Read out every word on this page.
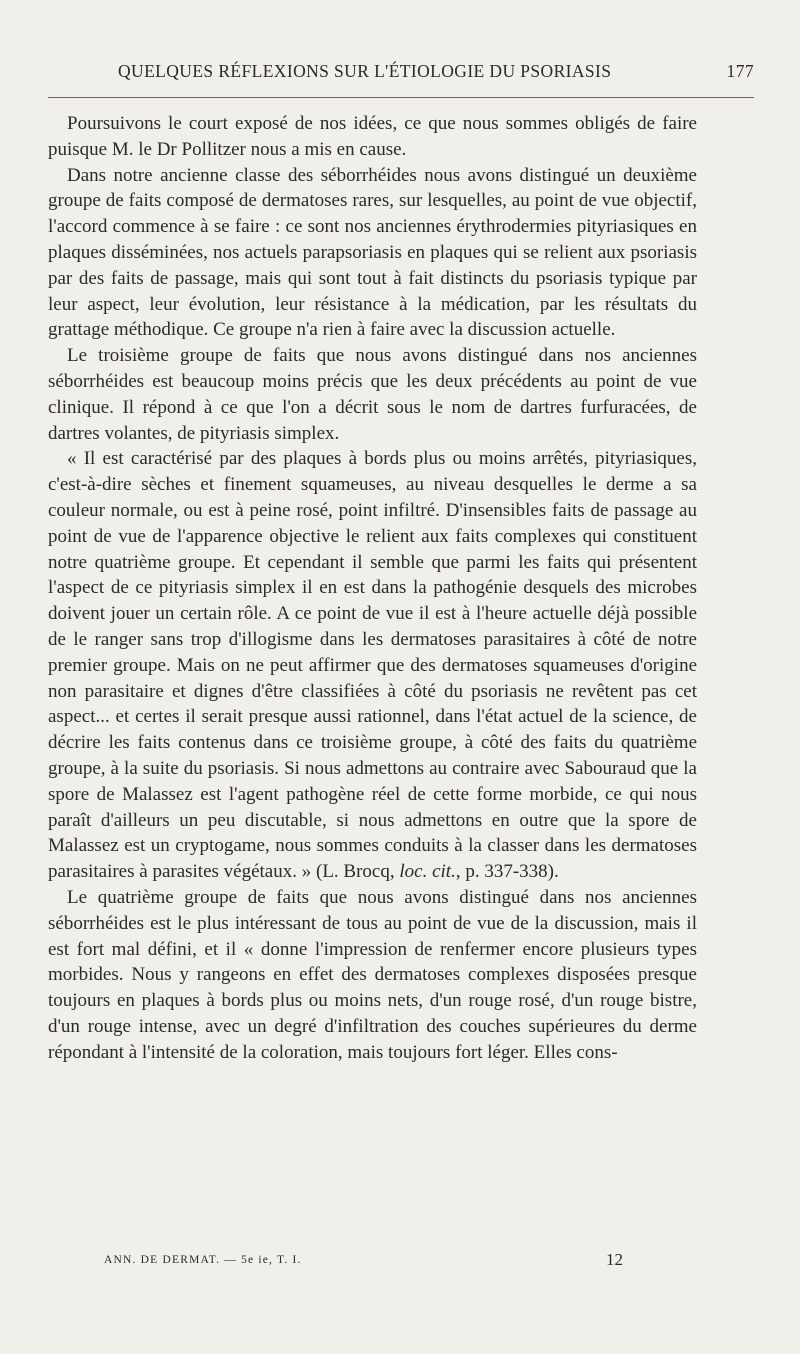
QUELQUES RÉFLEXIONS SUR L'ÉTIOLOGIE DU PSORIASIS	177

Poursuivons le court exposé de nos idées, ce que nous sommes obligés de faire puisque M. le Dr Pollitzer nous a mis en cause.

Dans notre ancienne classe des séborrhéides nous avons distingué un deuxième groupe de faits composé de dermatoses rares, sur lesquelles, au point de vue objectif, l'accord commence à se faire : ce sont nos anciennes érythrodermies pityriasiques en plaques disséminées, nos actuels parapsoriasis en plaques qui se relient aux psoriasis par des faits de passage, mais qui sont tout à fait distincts du psoriasis typique par leur aspect, leur évolution, leur résistance à la médication, par les résultats du grattage méthodique. Ce groupe n'a rien à faire avec la discussion actuelle.

Le troisième groupe de faits que nous avons distingué dans nos anciennes séborrhéides est beaucoup moins précis que les deux précédents au point de vue clinique. Il répond à ce que l'on a décrit sous le nom de dartres furfuracées, de dartres volantes, de pityriasis simplex.

« Il est caractérisé par des plaques à bords plus ou moins arrêtés, pityriasiques, c'est-à-dire sèches et finement squameuses, au niveau desquelles le derme a sa couleur normale, ou est à peine rosé, point infiltré. D'insensibles faits de passage au point de vue de l'apparence objective le relient aux faits complexes qui constituent notre quatrième groupe. Et cependant il semble que parmi les faits qui présentent l'aspect de ce pityriasis simplex il en est dans la pathogénie desquels des microbes doivent jouer un certain rôle. A ce point de vue il est à l'heure actuelle déjà possible de le ranger sans trop d'illogisme dans les dermatoses parasitaires à côté de notre premier groupe. Mais on ne peut affirmer que des dermatoses squameuses d'origine non parasitaire et dignes d'être classifiées à côté du psoriasis ne revêtent pas cet aspect... et certes il serait presque aussi rationnel, dans l'état actuel de la science, de décrire les faits contenus dans ce troisième groupe, à côté des faits du quatrième groupe, à la suite du psoriasis. Si nous admettons au contraire avec Sabouraud que la spore de Malassez est l'agent pathogène réel de cette forme morbide, ce qui nous paraît d'ailleurs un peu discutable, si nous admettons en outre que la spore de Malassez est un cryptogame, nous sommes conduits à la classer dans les dermatoses parasitaires à parasites végétaux. » (L. Brocq, loc. cit., p. 337-338).

Le quatrième groupe de faits que nous avons distingué dans nos anciennes séborrhéides est le plus intéressant de tous au point de vue de la discussion, mais il est fort mal défini, et il « donne l'impression de renfermer encore plusieurs types morbides. Nous y rangeons en effet des dermatoses complexes disposées presque toujours en plaques à bords plus ou moins nets, d'un rouge rosé, d'un rouge bistre, d'un rouge intense, avec un degré d'infiltration des couches supérieures du derme répondant à l'intensité de la coloration, mais toujours fort léger. Elles cons-

ANN. DE DERMAT. — 5e ie, T. I.	12
